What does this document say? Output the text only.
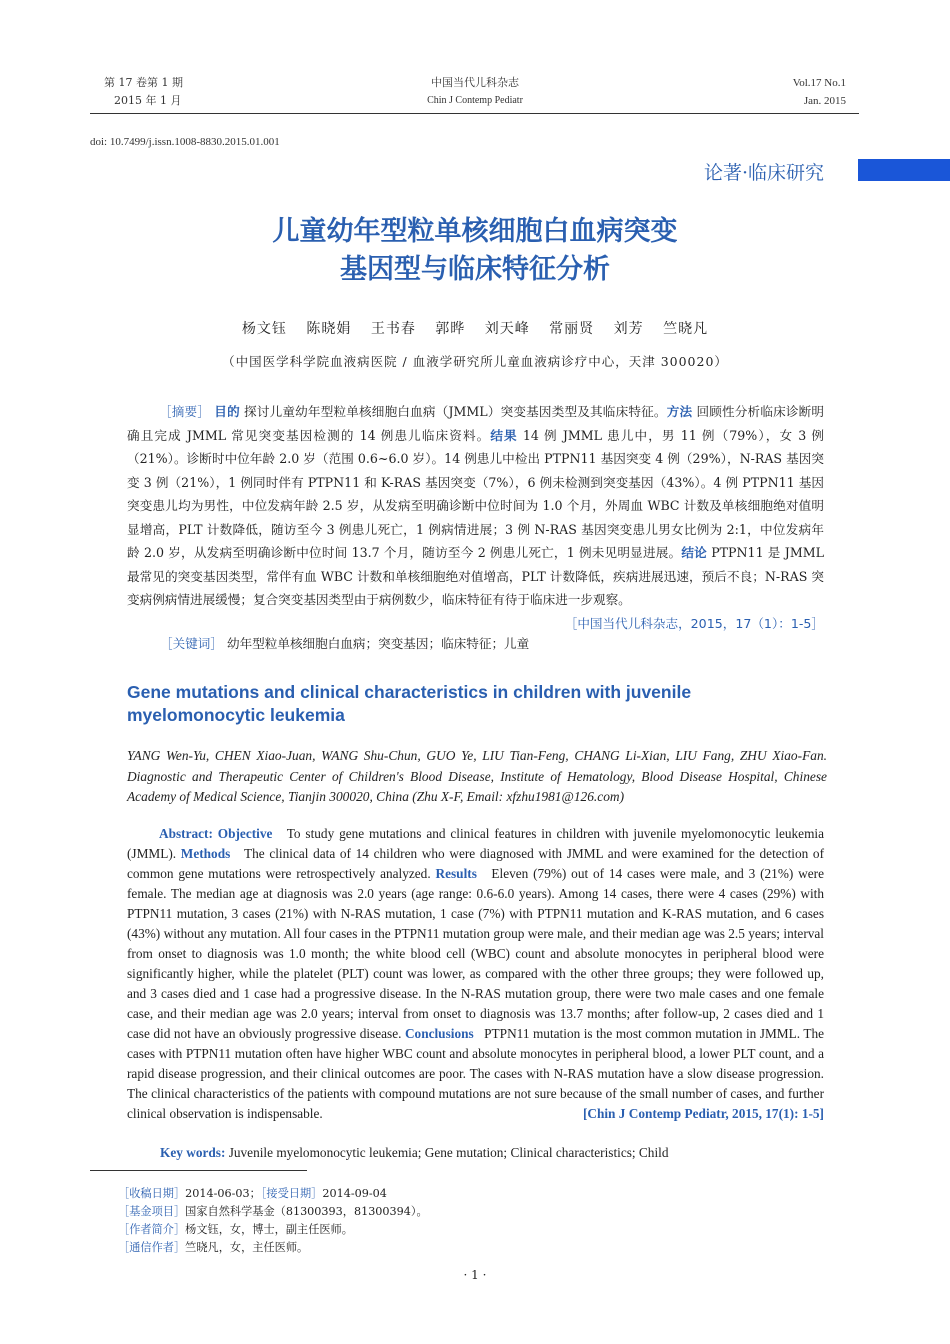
第 17 卷第 1 期
2015 年 1 月
中国当代儿科杂志
Chin J Contemp Pediatr
Vol.17 No.1
Jan. 2015
doi: 10.7499/j.issn.1008-8830.2015.01.001
论著·临床研究
儿童幼年型粒单核细胞白血病突变
基因型与临床特征分析
杨文钰 陈晓娟 王书春 郭晔 刘天峰 常丽贤 刘芳 竺晓凡
（中国医学科学院血液病医院 / 血液学研究所儿童血液病诊疗中心，天津 300020）

［摘要］ 目的 探讨儿童幼年型粒单核细胞白血病（JMML）突变基因类型及其临床特征。方法 回顾性分析临床诊断明确且完成 JMML 常见突变基因检测的 14 例患儿临床资料。结果 14 例 JMML 患儿中，男 11 例（79%），女 3 例（21%）。诊断时中位年龄 2.0 岁（范围 0.6~6.0 岁）。14 例患儿中检出 PTPN11 基因突变 4 例（29%），N-RAS 基因突变 3 例（21%），1 例同时伴有 PTPN11 和 K-RAS 基因突变（7%），6 例未检测到突变基因（43%）。4 例 PTPN11 基因突变患儿均为男性，中位发病年龄 2.5 岁，从发病至明确诊断中位时间为 1.0 个月，外周血 WBC 计数及单核细胞绝对值明显增高，PLT 计数降低，随访至今 3 例患儿死亡，1 例病情进展；3 例 N-RAS 基因突变患儿男女比例为 2:1，中位发病年龄 2.0 岁，从发病至明确诊断中位时间 13.7 个月，随访至今 2 例患儿死亡，1 例未见明显进展。结论 PTPN11 是 JMML 最常见的突变基因类型，常伴有血 WBC 计数和单核细胞绝对值增高，PLT 计数降低，疾病进展迅速，预后不良；N-RAS 突变病例病情进展缓慢；复合突变基因类型由于病例数少，临床特征有待于临床进一步观察。
［中国当代儿科杂志，2015，17（1）：1-5］

［关键词］ 幼年型粒单核细胞白血病；突变基因；临床特征；儿童
Gene mutations and clinical characteristics in children with juvenile myelomonocytic leukemia
YANG Wen-Yu, CHEN Xiao-Juan, WANG Shu-Chun, GUO Ye, LIU Tian-Feng, CHANG Li-Xian, LIU Fang, ZHU Xiao-Fan. Diagnostic and Therapeutic Center of Children's Blood Disease, Institute of Hematology, Blood Disease Hospital, Chinese Academy of Medical Science, Tianjin 300020, China (Zhu X-F, Email: xfzhu1981@126.com)

Abstract: Objective To study gene mutations and clinical features in children with juvenile myelomonocytic leukemia (JMML). Methods The clinical data of 14 children who were diagnosed with JMML and were examined for the detection of common gene mutations were retrospectively analyzed. Results Eleven (79%) out of 14 cases were male, and 3 (21%) were female. The median age at diagnosis was 2.0 years (age range: 0.6-6.0 years). Among 14 cases, there were 4 cases (29%) with PTPN11 mutation, 3 cases (21%) with N-RAS mutation, 1 case (7%) with PTPN11 mutation and K-RAS mutation, and 6 cases (43%) without any mutation. All four cases in the PTPN11 mutation group were male, and their median age was 2.5 years; interval from onset to diagnosis was 1.0 month; the white blood cell (WBC) count and absolute monocytes in peripheral blood were significantly higher, while the platelet (PLT) count was lower, as compared with the other three groups; they were followed up, and 3 cases died and 1 case had a progressive disease. In the N-RAS mutation group, there were two male cases and one female case, and their median age was 2.0 years; interval from onset to diagnosis was 13.7 months; after follow-up, 2 cases died and 1 case did not have an obviously progressive disease. Conclusions PTPN11 mutation is the most common mutation in JMML. The cases with PTPN11 mutation often have higher WBC count and absolute monocytes in peripheral blood, a lower PLT count, and a rapid disease progression, and their clinical outcomes are poor. The cases with N-RAS mutation have a slow disease progression. The clinical characteristics of the patients with compound mutations are not sure because of the small number of cases, and further clinical observation is indispensable.	[Chin J Contemp Pediatr, 2015, 17(1): 1-5]

Key words: Juvenile myelomonocytic leukemia; Gene mutation; Clinical characteristics; Child
［收稿日期］2014-06-03；［接受日期］2014-09-04
［基金项目］国家自然科学基金（81300393，81300394）。
［作者简介］杨文钰，女，博士，副主任医师。
［通信作者］竺晓凡，女，主任医师。
· 1 ·
